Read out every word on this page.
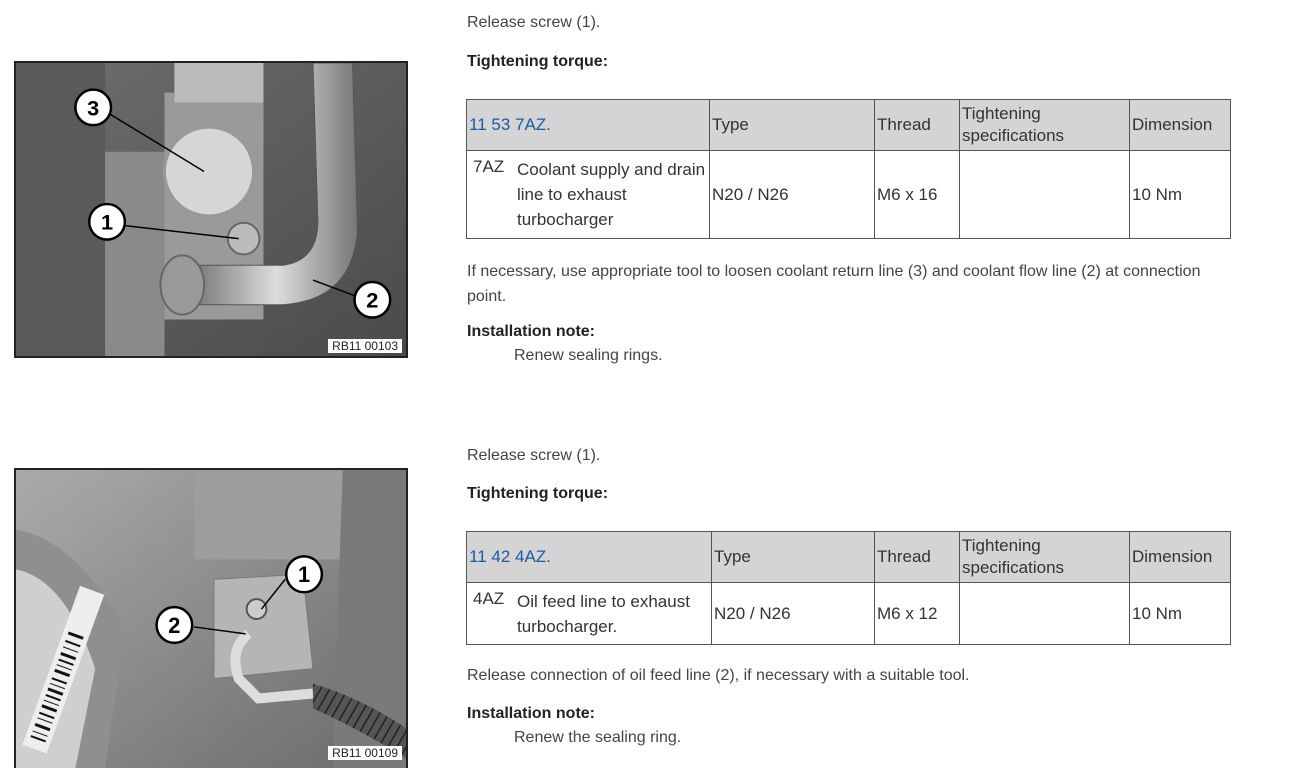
3
1
2
RB11 00103
Release screw (1).
Tightening torque:
11 53 7AZ.	Type	Thread	Tightening specifications	Dimension

7AZ Coolant supply and drain line to exhaust turbocharger	N20 / N26	M6 x 16		10 Nm
If necessary, use appropriate tool to loosen coolant return line (3) and coolant flow line (2) at connection point.
Installation note:
Renew sealing rings.
1
2
RB11 00109
Release screw (1).
Tightening torque:
11 42 4AZ.	Type	Thread	Tightening specifications	Dimension

4AZ Oil feed line to exhaust turbocharger.	N20 / N26	M6 x 12		10 Nm
Release connection of oil feed line (2), if necessary with a suitable tool.
Installation note:
Renew the sealing ring.
